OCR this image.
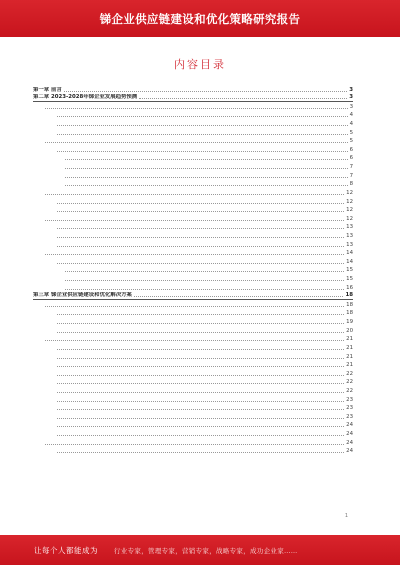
锑企业供应链建设和优化策略研究报告
内容目录
第一章 前言	3
第二章 2023-2028年锑企业发展趋势预测	3
3
4
4
5
5
6
6
7
7
8
12
12
12
12
13
13
13
14
14
15
15
16
第三章 锑企业供应链建设和优化解决方案	18
18
18
19
20
21
21
21
21
22
22
22
23
23
23
24
24
24
24
1
让每个人都能成为 行业专家，管理专家，营销专家，战略专家，成功企业家……
